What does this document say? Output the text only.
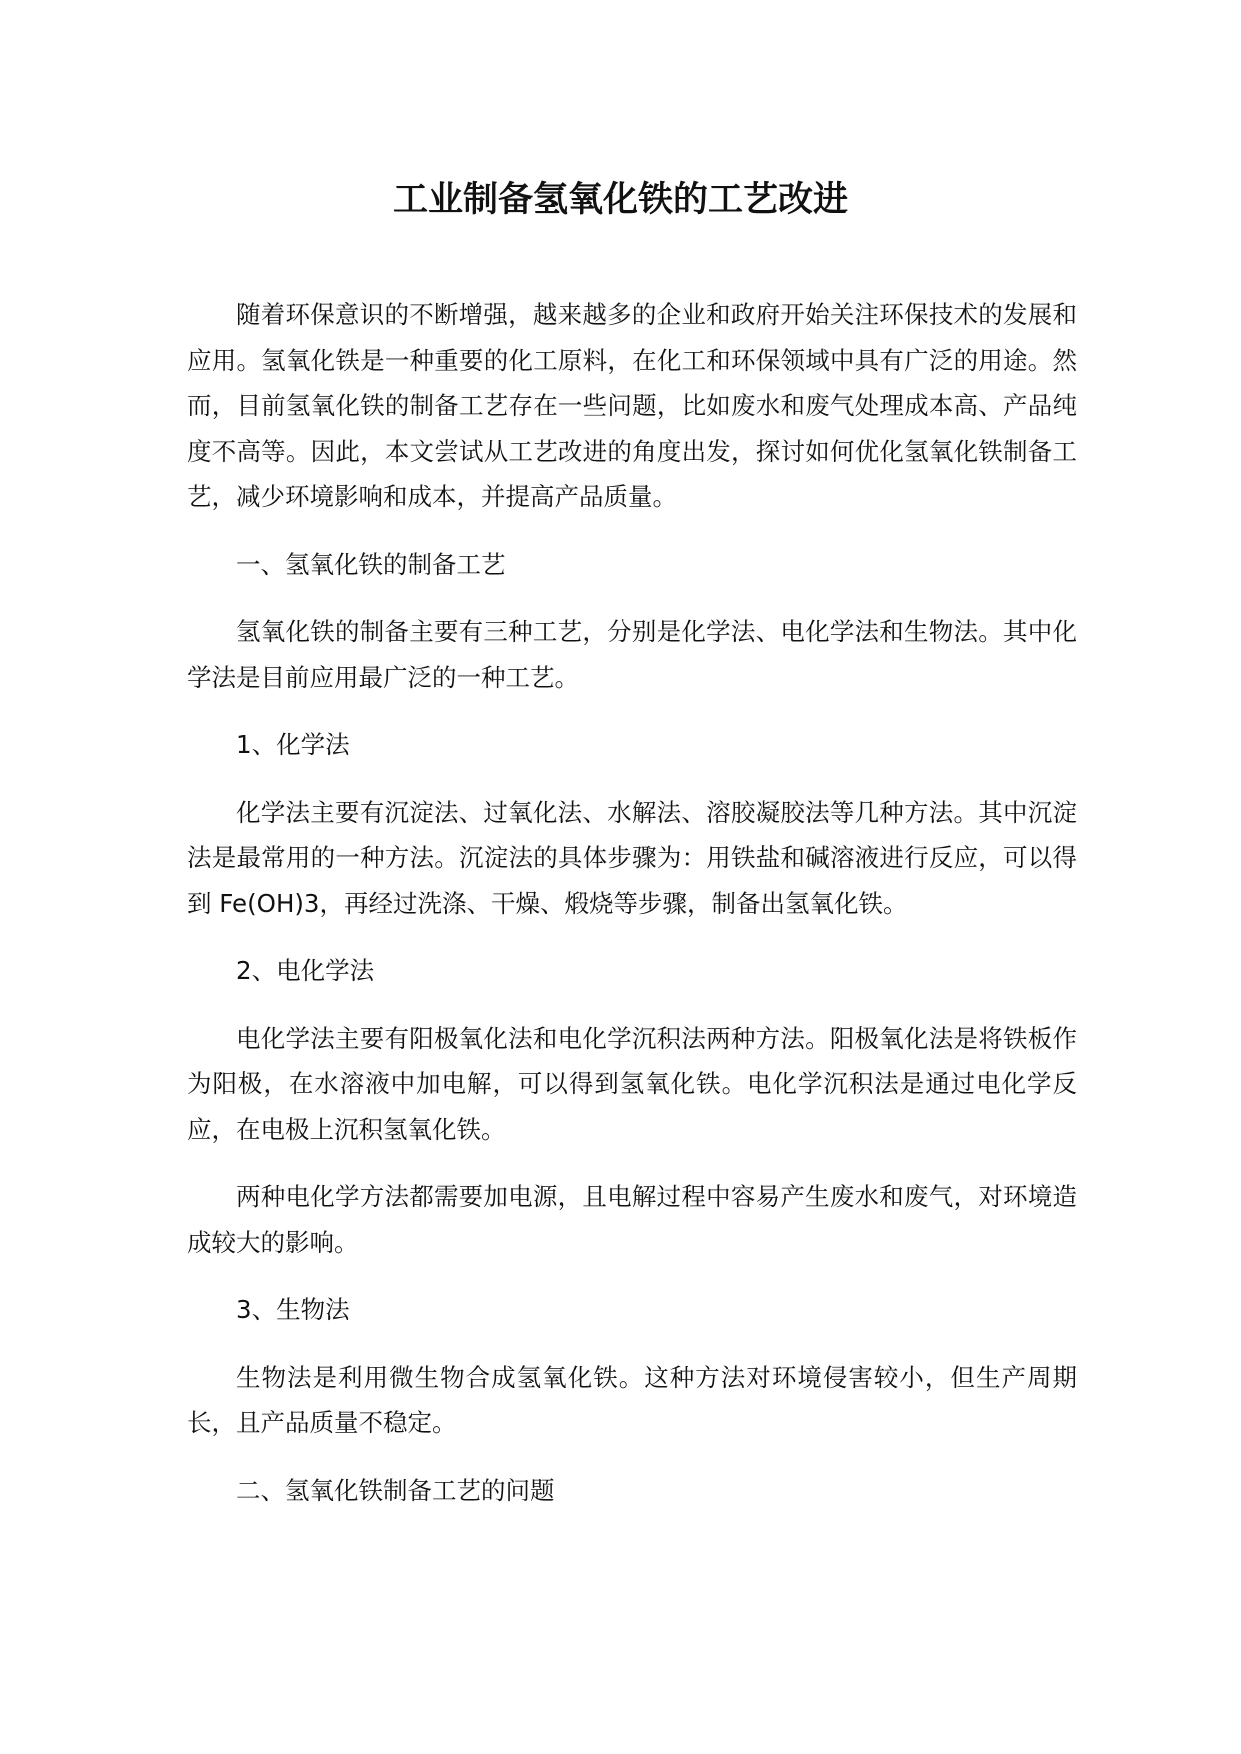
工业制备氢氧化铁的工艺改进

随着环保意识的不断增强，越来越多的企业和政府开始关注环保技术的发展和应用。氢氧化铁是一种重要的化工原料，在化工和环保领域中具有广泛的用途。然而，目前氢氧化铁的制备工艺存在一些问题，比如废水和废气处理成本高、产品纯度不高等。因此，本文尝试从工艺改进的角度出发，探讨如何优化氢氧化铁制备工艺，减少环境影响和成本，并提高产品质量。

一、氢氧化铁的制备工艺

氢氧化铁的制备主要有三种工艺，分别是化学法、电化学法和生物法。其中化学法是目前应用最广泛的一种工艺。

1、化学法

化学法主要有沉淀法、过氧化法、水解法、溶胶凝胶法等几种方法。其中沉淀法是最常用的一种方法。沉淀法的具体步骤为：用铁盐和碱溶液进行反应，可以得到 Fe(OH)3，再经过洗涤、干燥、煅烧等步骤，制备出氢氧化铁。

2、电化学法

电化学法主要有阳极氧化法和电化学沉积法两种方法。阳极氧化法是将铁板作为阳极，在水溶液中加电解，可以得到氢氧化铁。电化学沉积法是通过电化学反应，在电极上沉积氢氧化铁。

两种电化学方法都需要加电源，且电解过程中容易产生废水和废气，对环境造成较大的影响。

3、生物法

生物法是利用微生物合成氢氧化铁。这种方法对环境侵害较小，但生产周期长，且产品质量不稳定。

二、氢氧化铁制备工艺的问题
